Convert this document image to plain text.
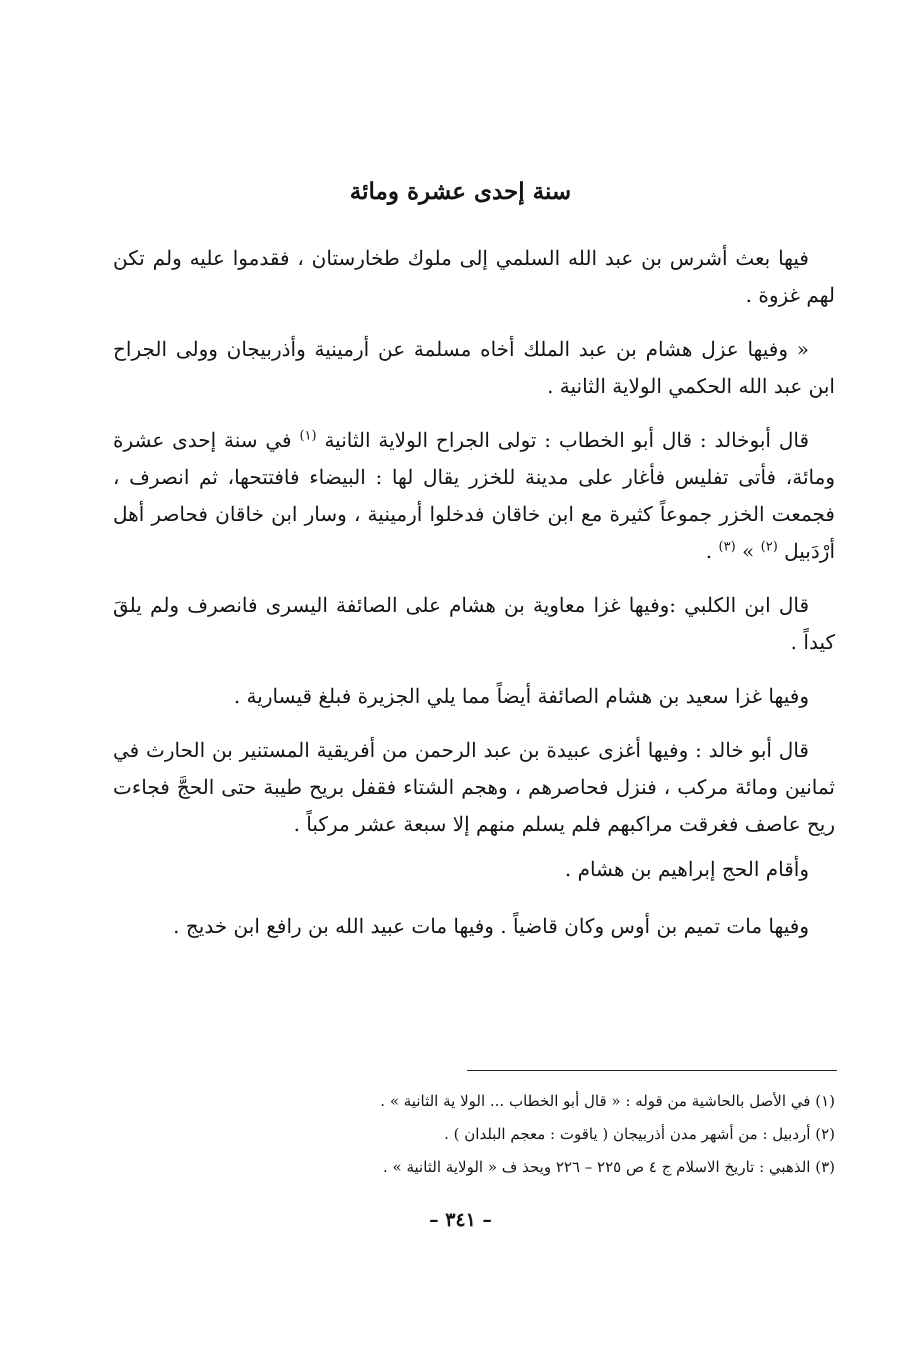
سنة إحدى عشرة ومائة

فيها بعث أشرس بن عبد الله السلمي إلى ملوك طخارستان ، فقدموا عليه ولم تكن لهم غزوة .

« وفيها عزل هشام بن عبد الملك أخاه مسلمة عن أرمينية وأذربيجان وولى الجراح ابن عبد الله الحكمي الولاية الثانية .

قال أبوخالد : قال أبو الخطاب : تولى الجراح الولاية الثانية $^{(١)}$ في سنة إحدى عشرة ومائة، فأتى تفليس فأغار على مدينة للخزر يقال لها : البيضاء فافتتحها، ثم انصرف ، فجمعت الخزر جموعاً كثيرة مع ابن خاقان فدخلوا أرمينية ، وسار ابن خاقان فحاصر أهل أرْدَبيل $^{(٢)}$ » $^{(٣)}$ .

قال ابن الكلبي :وفيها غزا معاوية بن هشام على الصائفة اليسرى فانصرف ولم يلقَ كيداً .

وفيها غزا سعيد بن هشام الصائفة أيضاً مما يلي الجزيرة فبلغ قيسارية .

قال أبو خالد : وفيها أغزى عبيدة بن عبد الرحمن من أفريقية المستنير بن الحارث في ثمانين ومائة مركب ، فنزل فحاصرهم ، وهجم الشتاء فقفل بريح طيبة حتى الحجَّ فجاءت ريح عاصف فغرقت مراكبهم فلم يسلم منهم إلا سبعة عشر مركباً .

وأقام الحج إبراهيم بن هشام .

وفيها مات تميم بن أوس وكان قاضياً . وفيها مات عبيد الله بن رافع ابن خديج .

(١) في الأصل بالحاشية من قوله : « قال أبو الخطاب ... الولا ية الثانية » .

(٢) أردبيل : من أشهر مدن أذربيجان ( ياقوت : معجم البلدان ) .

(٣) الذهبي : تاريخ الاسلام ج ٤ ص ٢٢٥ – ٢٢٦ ويحذ ف « الولاية الثانية » .

– ٣٤١ –
